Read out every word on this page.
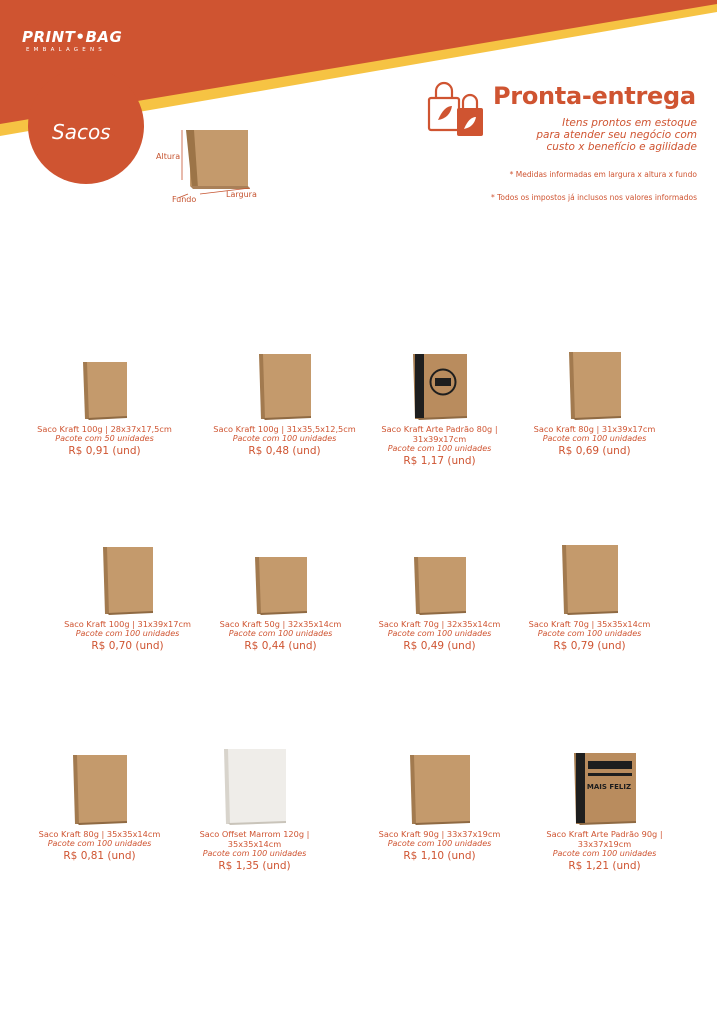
PRINT•BAG
EMBALAGENS
Sacos
Altura
Fundo
Largura
Pronta-entrega
Itens prontos em estoque
para atender seu negócio com
custo x benefício e agilidade
* Medidas informadas em largura x altura x fundo
* Todos os impostos já inclusos nos valores informados
Saco Kraft 100g | 28x37x17,5cm
Pacote com 50 unidades
R$ 0,91 (und)
Saco Kraft 100g | 31x35,5x12,5cm
Pacote com 100 unidades
R$ 0,48 (und)
Saco Kraft Arte Padrão 80g | 31x39x17cm
Pacote com 100 unidades
R$ 1,17 (und)
Saco Kraft 80g | 31x39x17cm
Pacote com 100 unidades
R$ 0,69 (und)
Saco Kraft 100g | 31x39x17cm
Pacote com 100 unidades
R$ 0,70 (und)
Saco Kraft 50g | 32x35x14cm
Pacote com 100 unidades
R$ 0,44 (und)
Saco Kraft 70g | 32x35x14cm
Pacote com 100 unidades
R$ 0,49 (und)
Saco Kraft 70g | 35x35x14cm
Pacote com 100 unidades
R$ 0,79 (und)
Saco Kraft 80g | 35x35x14cm
Pacote com 100 unidades
R$ 0,81 (und)
Saco Offset Marrom 120g | 35x35x14cm
Pacote com 100 unidades
R$ 1,35 (und)
Saco Kraft 90g | 33x37x19cm
Pacote com 100 unidades
R$ 1,10 (und)
MAIS FELIZ
Saco Kraft Arte Padrão 90g | 33x37x19cm
Pacote com 100 unidades
R$ 1,21 (und)
